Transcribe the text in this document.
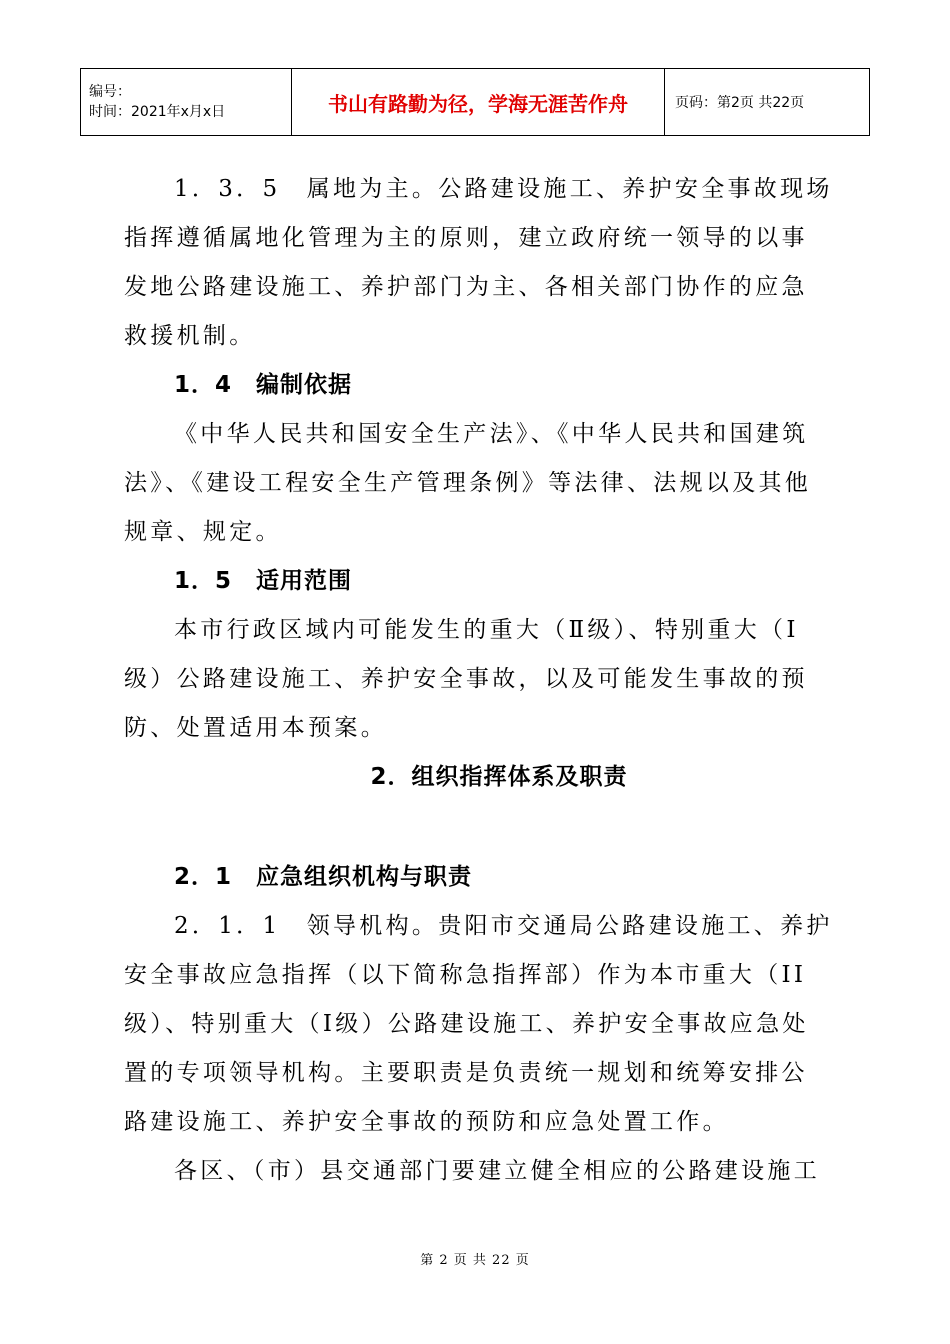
编号：
时间：2021年x月x日	书山有路勤为径，学海无涯苦作舟	页码：第2页 共22页

1．3．5　属地为主。公路建设施工、养护安全事故现场指挥遵循属地化管理为主的原则，建立政府统一领导的以事发地公路建设施工、养护部门为主、各相关部门协作的应急救援机制。

1．4　编制依据

《中华人民共和国安全生产法》、《中华人民共和国建筑法》、《建设工程安全生产管理条例》等法律、法规以及其他规章、规定。

1．5　适用范围

本市行政区域内可能发生的重大（Ⅱ级）、特别重大（Ⅰ级）公路建设施工、养护安全事故，以及可能发生事故的预防、处置适用本预案。

2．组织指挥体系及职责

2．1　应急组织机构与职责

2．1．1　领导机构。贵阳市交通局公路建设施工、养护安全事故应急指挥（以下简称急指挥部）作为本市重大（II级）、特别重大（Ⅰ级）公路建设施工、养护安全事故应急处置的专项领导机构。主要职责是负责统一规划和统筹安排公路建设施工、养护安全事故的预防和应急处置工作。

各区、（市）县交通部门要建立健全相应的公路建设施工

第 2 页 共 22 页
